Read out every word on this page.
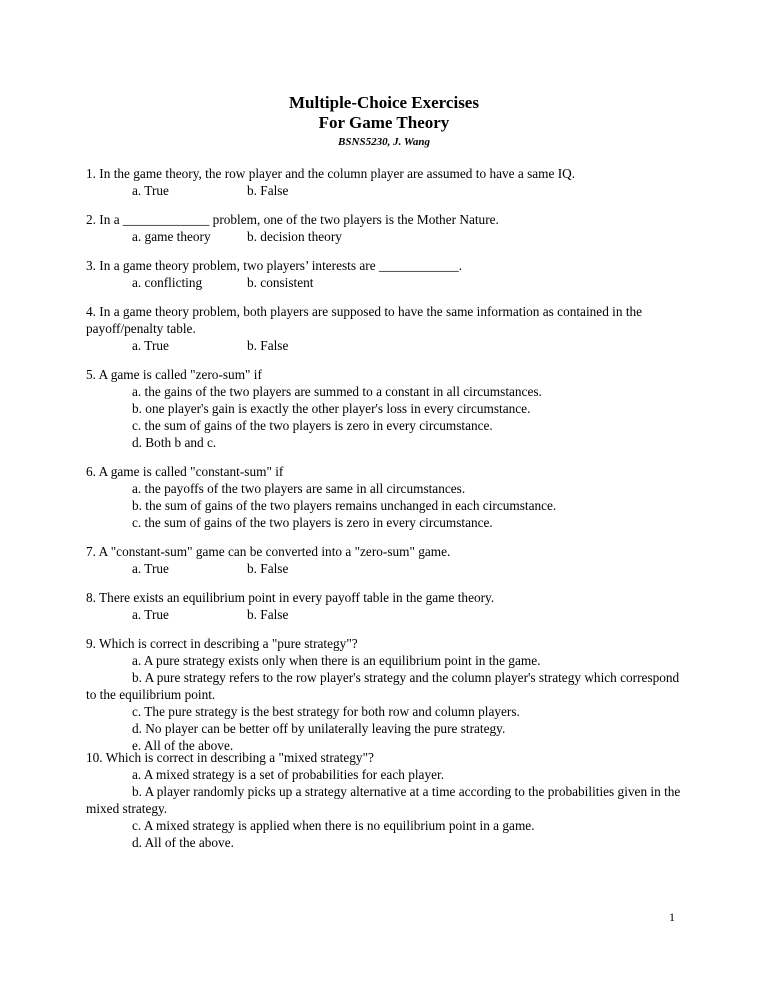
Multiple-Choice Exercises
For Game Theory
BSNS5230, J. Wang
1. In the game theory, the row player and the column player are assumed to have a same IQ.
a. True	b. False
2. In a _____________ problem, one of the two players is the Mother Nature.
a. game theory	b. decision theory
3. In a game theory problem, two players’ interests are ____________.
a. conflicting	b. consistent
4. In a game theory problem, both players are supposed to have the same information as contained in the payoff/penalty table.
a. True	b. False
5. A game is called "zero-sum" if
a. the gains of the two players are summed to a constant in all circumstances.
b. one player's gain is exactly the other player's loss in every circumstance.
c. the sum of gains of the two players is zero in every circumstance.
d. Both b and c.
6. A game is called "constant-sum" if
a. the payoffs of the two players are same in all circumstances.
b. the sum of gains of the two players remains unchanged in each circumstance.
c. the sum of gains of the two players is zero in every circumstance.
7. A "constant-sum" game can be converted into a "zero-sum" game.
a. True	b. False
8. There exists an equilibrium point in every payoff table in the game theory.
a. True	b. False
9. Which is correct in describing a "pure strategy"?
a. A pure strategy exists only when there is an equilibrium point in the game.
b. A pure strategy refers to the row player's strategy and the column player's strategy which correspond to the equilibrium point.
c. The pure strategy is the best strategy for both row and column players.
d. No player can be better off by unilaterally leaving the pure strategy.
e. All of the above.
10. Which is correct in describing a "mixed strategy"?
a. A mixed strategy is a set of probabilities for each player.
b. A player randomly picks up a strategy alternative at a time according to the probabilities given in the mixed strategy.
c. A mixed strategy is applied when there is no equilibrium point in a game.
d. All of the above.
1
